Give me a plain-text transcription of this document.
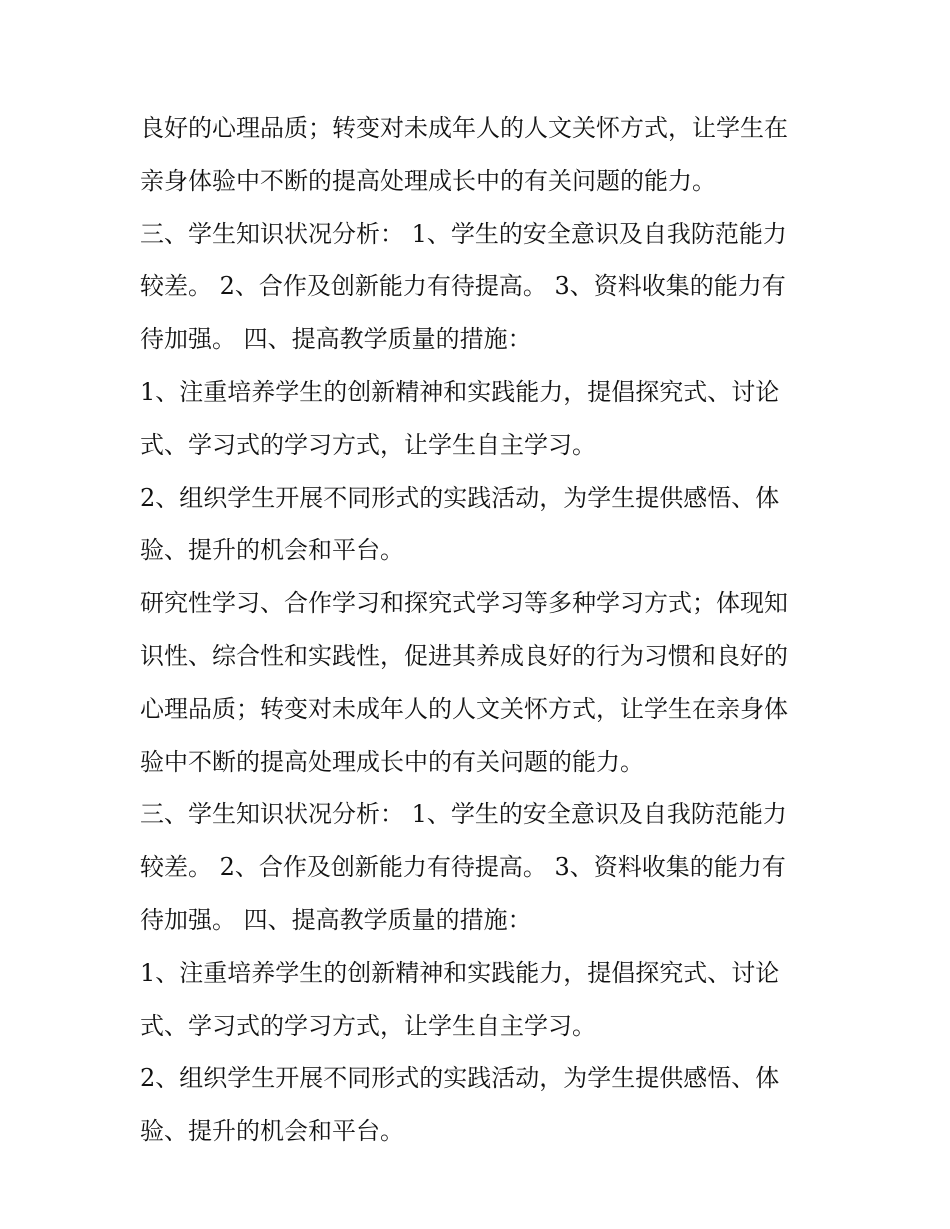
良好的心理品质；转变对未成年人的人文关怀方式，让学生在
亲身体验中不断的提高处理成长中的有关问题的能力。
三、学生知识状况分析： 1、学生的安全意识及自我防范能力
较差。 2、合作及创新能力有待提高。 3、资料收集的能力有
待加强。 四、提高教学质量的措施：
1、注重培养学生的创新精神和实践能力，提倡探究式、讨论
式、学习式的学习方式，让学生自主学习。
2、组织学生开展不同形式的实践活动，为学生提供感悟、体
验、提升的机会和平台。
研究性学习、合作学习和探究式学习等多种学习方式；体现知
识性、综合性和实践性，促进其养成良好的行为习惯和良好的
心理品质；转变对未成年人的人文关怀方式，让学生在亲身体
验中不断的提高处理成长中的有关问题的能力。
三、学生知识状况分析： 1、学生的安全意识及自我防范能力
较差。 2、合作及创新能力有待提高。 3、资料收集的能力有
待加强。 四、提高教学质量的措施：
1、注重培养学生的创新精神和实践能力，提倡探究式、讨论
式、学习式的学习方式，让学生自主学习。
2、组织学生开展不同形式的实践活动，为学生提供感悟、体
验、提升的机会和平台。
